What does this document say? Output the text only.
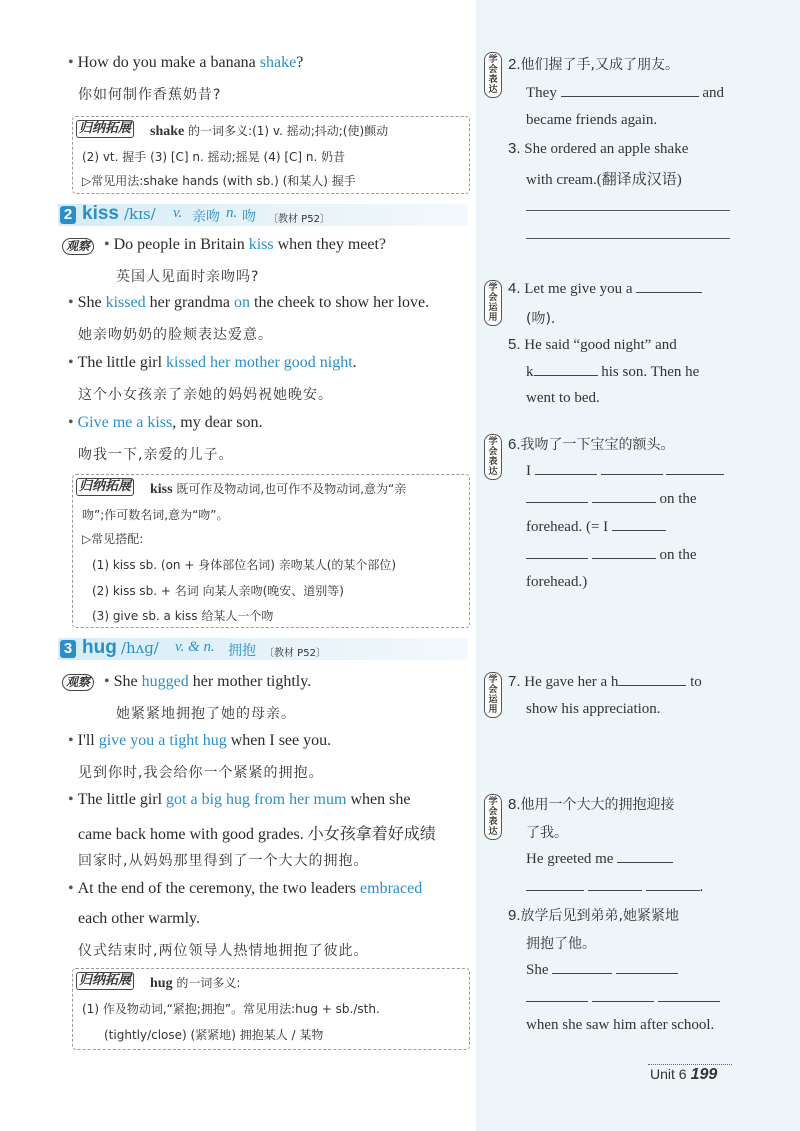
• How do you make a banana shake?
你如何制作香蕉奶昔?
归纳拓展 shake 的一词多义:(1) v. 摇动;抖动;(使)颤动
(2) vt. 握手 (3) [C] n. 摇动;摇晃 (4) [C] n. 奶昔
▷常见用法:shake hands (with sb.) (和某人) 握手
2 kiss /kɪs/ v. 亲吻 n. 吻 〔教材 P52〕
观察 • Do people in Britain kiss when they meet?
英国人见面时亲吻吗?
• She kissed her grandma on the cheek to show her love.
她亲吻奶奶的脸颊表达爱意。
• The little girl kissed her mother good night.
这个小女孩亲了亲她的妈妈祝她晚安。
• Give me a kiss, my dear son.
吻我一下,亲爱的儿子。
归纳拓展 kiss 既可作及物动词,也可作不及物动词,意为“亲
吻”;作可数名词,意为“吻”。
▷常见搭配:
(1) kiss sb. (on + 身体部位名词) 亲吻某人(的某个部位)
(2) kiss sb. + 名词 向某人亲吻(晚安、道别等)
(3) give sb. a kiss 给某人一个吻
3 hug /hʌɡ/ v. & n. 拥抱 〔教材 P52〕
观察 • She hugged her mother tightly.
她紧紧地拥抱了她的母亲。
• I'll give you a tight hug when I see you.
见到你时,我会给你一个紧紧的拥抱。
• The little girl got a big hug from her mum when she
came back home with good grades. 小女孩拿着好成绩
回家时,从妈妈那里得到了一个大大的拥抱。
• At the end of the ceremony, the two leaders embraced
each other warmly.
仪式结束时,两位领导人热情地拥抱了彼此。
归纳拓展 hug 的一词多义:
(1) 作及物动词,“紧抱;拥抱”。常见用法:hug + sb./sth.
(tightly/close) (紧紧地) 拥抱某人 / 某物
学
会
表
达
2.他们握了手,又成了朋友。
They	and
became friends again.
3. She ordered an apple shake
with cream.(翻译成汉语)
学
会
运
用
4. Let me give you a
(吻).
5. He said “good night” and
k	his son. Then he
went to bed.
学
会
表
达
6.我吻了一下宝宝的额头。
I
on the
forehead. (= I
on the
forehead.)
学
会
运
用
7. He gave her a h	to
show his appreciation.
学
会
表
达
8.他用一个大大的拥抱迎接
了我。
He greeted me
.
9.放学后见到弟弟,她紧紧地
拥抱了他。
She

when she saw him after school.
Unit 6 199
